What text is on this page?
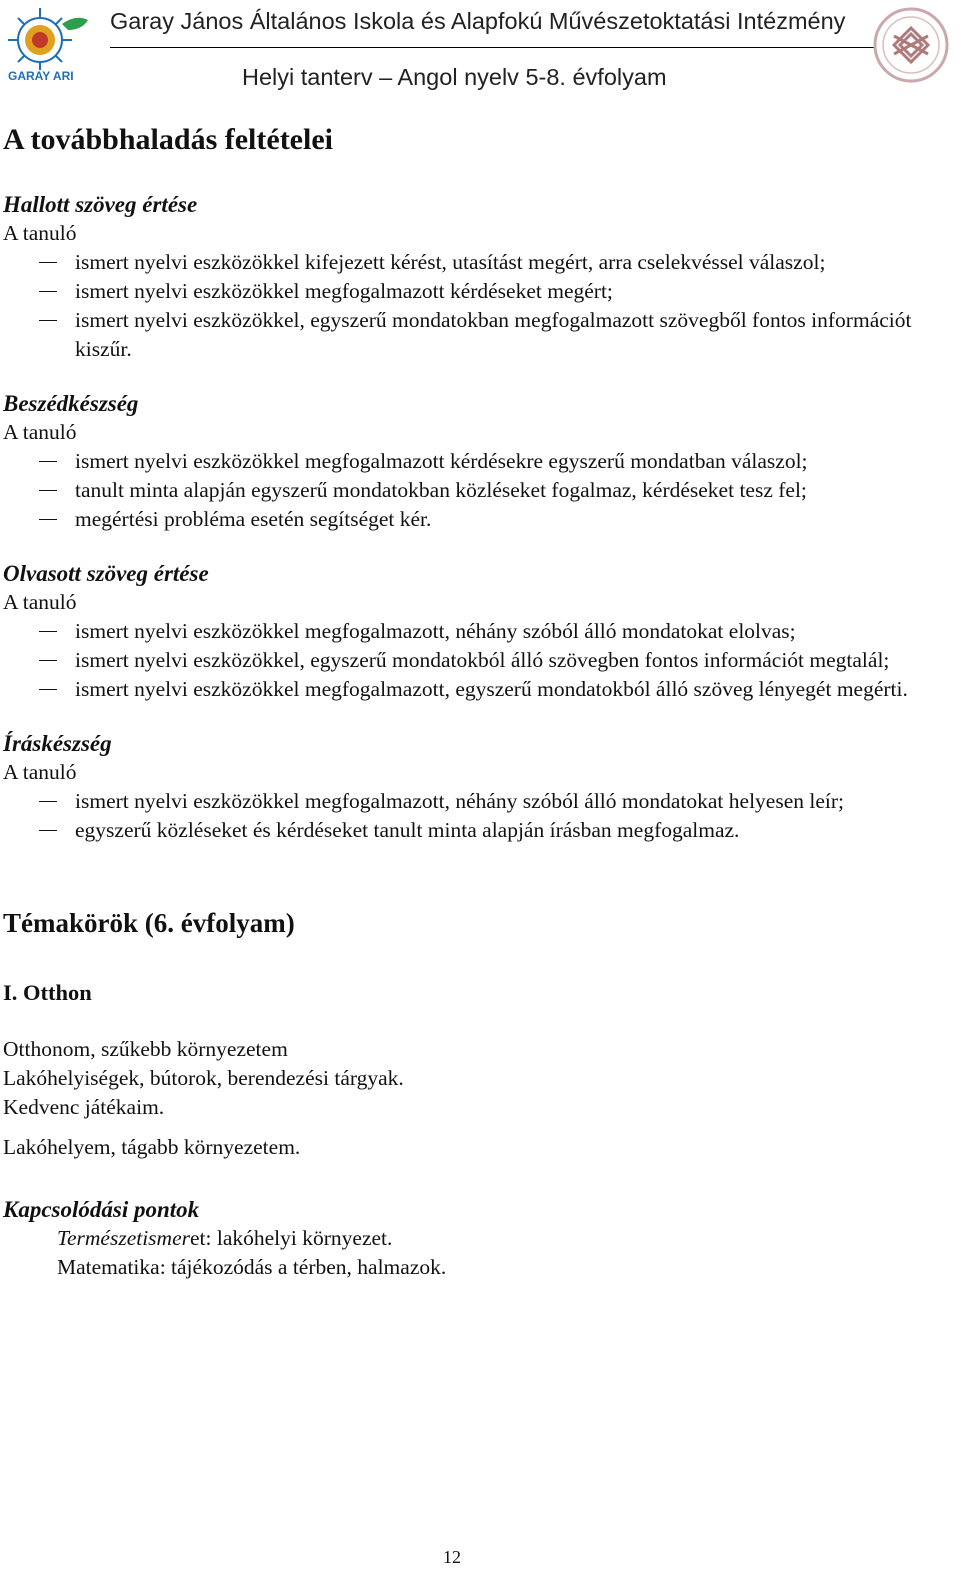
GARAY ARI
Garay János Általános Iskola és Alapfokú Művészetoktatási Intézmény
Helyi tanterv – Angol nyelv 5-8. évfolyam
A továbbhaladás feltételei
Hallott szöveg értése

A tanuló

ismert nyelvi eszközökkel kifejezett kérést, utasítást megért, arra cselekvéssel válaszol;
ismert nyelvi eszközökkel megfogalmazott kérdéseket megért;
ismert nyelvi eszközökkel, egyszerű mondatokban megfogalmazott szövegből fontos információt kiszűr.
Beszédkészség

A tanuló

ismert nyelvi eszközökkel megfogalmazott kérdésekre egyszerű mondatban válaszol;
tanult minta alapján egyszerű mondatokban közléseket fogalmaz, kérdéseket tesz fel;
megértési probléma esetén segítséget kér.
Olvasott szöveg értése

A tanuló

ismert nyelvi eszközökkel megfogalmazott, néhány szóból álló mondatokat elolvas;
ismert nyelvi eszközökkel, egyszerű mondatokból álló szövegben fontos információt megtalál;
ismert nyelvi eszközökkel megfogalmazott, egyszerű mondatokból álló szöveg lényegét megérti.
Íráskészség

A tanuló

ismert nyelvi eszközökkel megfogalmazott, néhány szóból álló mondatokat helyesen leír;
egyszerű közléseket és kérdéseket tanult minta alapján írásban megfogalmaz.
Témakörök (6. évfolyam)
I. Otthon

Otthonom, szűkebb környezetem

Lakóhelyiségek, bútorok, berendezési tárgyak.

Kedvenc játékaim.

Lakóhelyem, tágabb környezetem.

Kapcsolódási pontok

Természetismeret: lakóhelyi környezet.

Matematika: tájékozódás a térben, halmazok.

12
